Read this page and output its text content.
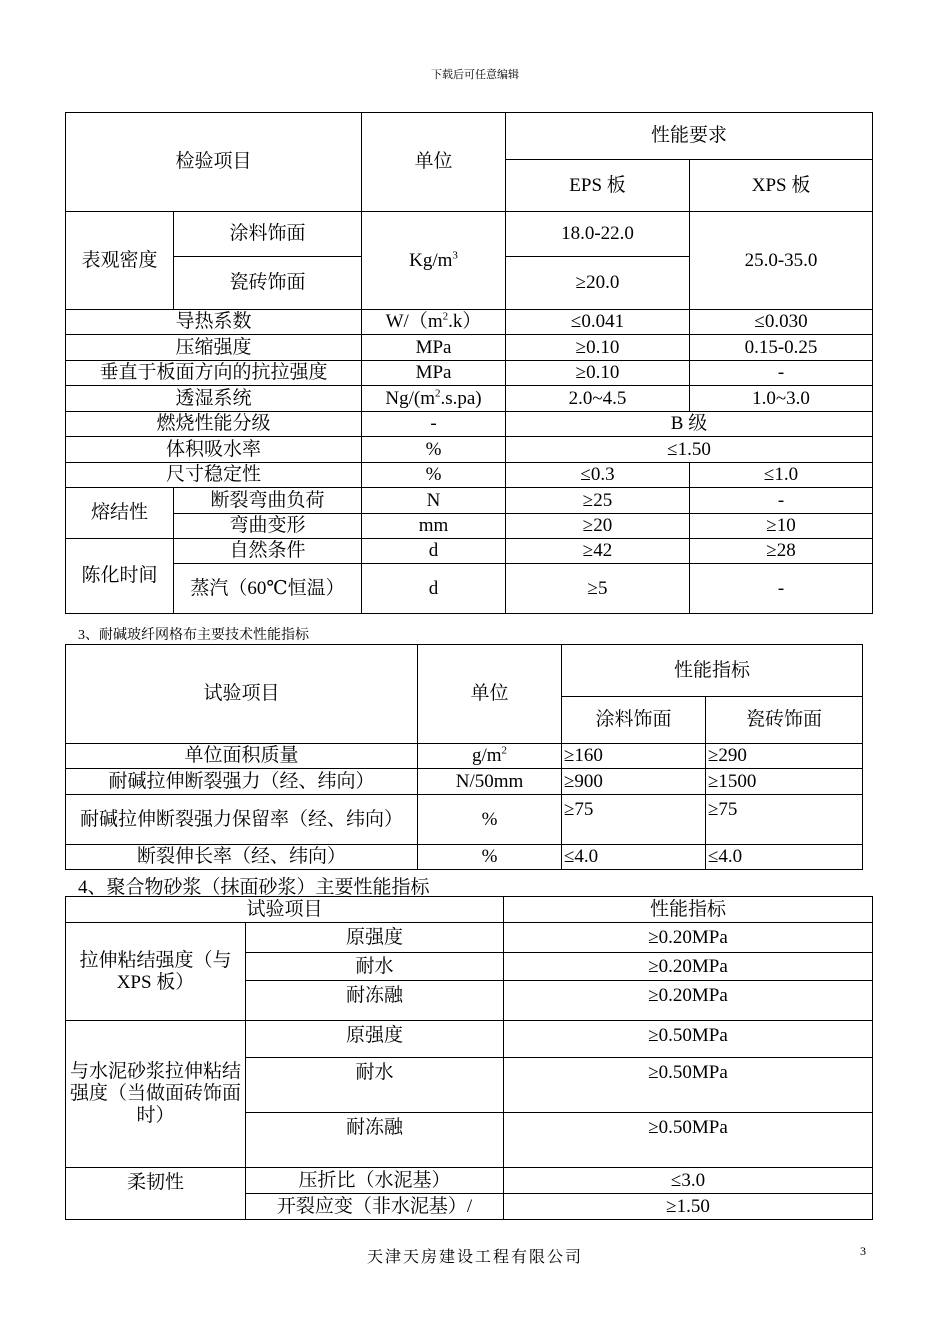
下载后可任意编辑
检验项目		单位	性能要求	
			EPS 板	XPS 板
表观密度	涂料饰面	$Kg/m^3$	18.0-22.0	25.0-35.0
	瓷砖饰面		≥20.0	
导热系数		$W/(m^2.k)$	≤0.041	≤0.030
压缩强度		MPa	≥0.10	0.15-0.25
垂直于板面方向的抗拉强度		MPa	≥0.10	-
透湿系统		$Ng/(m^2.s.pa)$	2.0~4.5	1.0~3.0
燃烧性能分级		-	B 级	
体积吸水率		%	≤1.50	
尺寸稳定性		%	≤0.3	≤1.0
熔结性	断裂弯曲负荷	N	≥25	-
	弯曲变形	mm	≥20	≥10
陈化时间	自然条件	d	≥42	≥28
	蒸汽（60℃恒温）	d	≥5	-
3、耐碱玻纤网格布主要技术性能指标
试验项目	单位	性能指标	
		涂料饰面	瓷砖饰面
单位面积质量	$g/m^2$	≥160	≥290
耐碱拉伸断裂强力（经、纬向）	N/50mm	≥900	≥1500
耐碱拉伸断裂强力保留率（经、纬向）	%	≥75	≥75
断裂伸长率（经、纬向）	%	≤4.0	≤4.0
4、聚合物砂浆（抹面砂浆）主要性能指标
试验项目		性能指标
拉伸粘结强度（与 XPS 板）	原强度	≥0.20MPa
	耐水	≥0.20MPa
	耐冻融	≥0.20MPa
与水泥砂浆拉伸粘结强度（当做面砖饰面时）	原强度	≥0.50MPa
	耐水	≥0.50MPa
	耐冻融	≥0.50MPa
柔韧性	压折比（水泥基）	≤3.0
	开裂应变（非水泥基）/	≥1.50
天津天房建设工程有限公司	3
